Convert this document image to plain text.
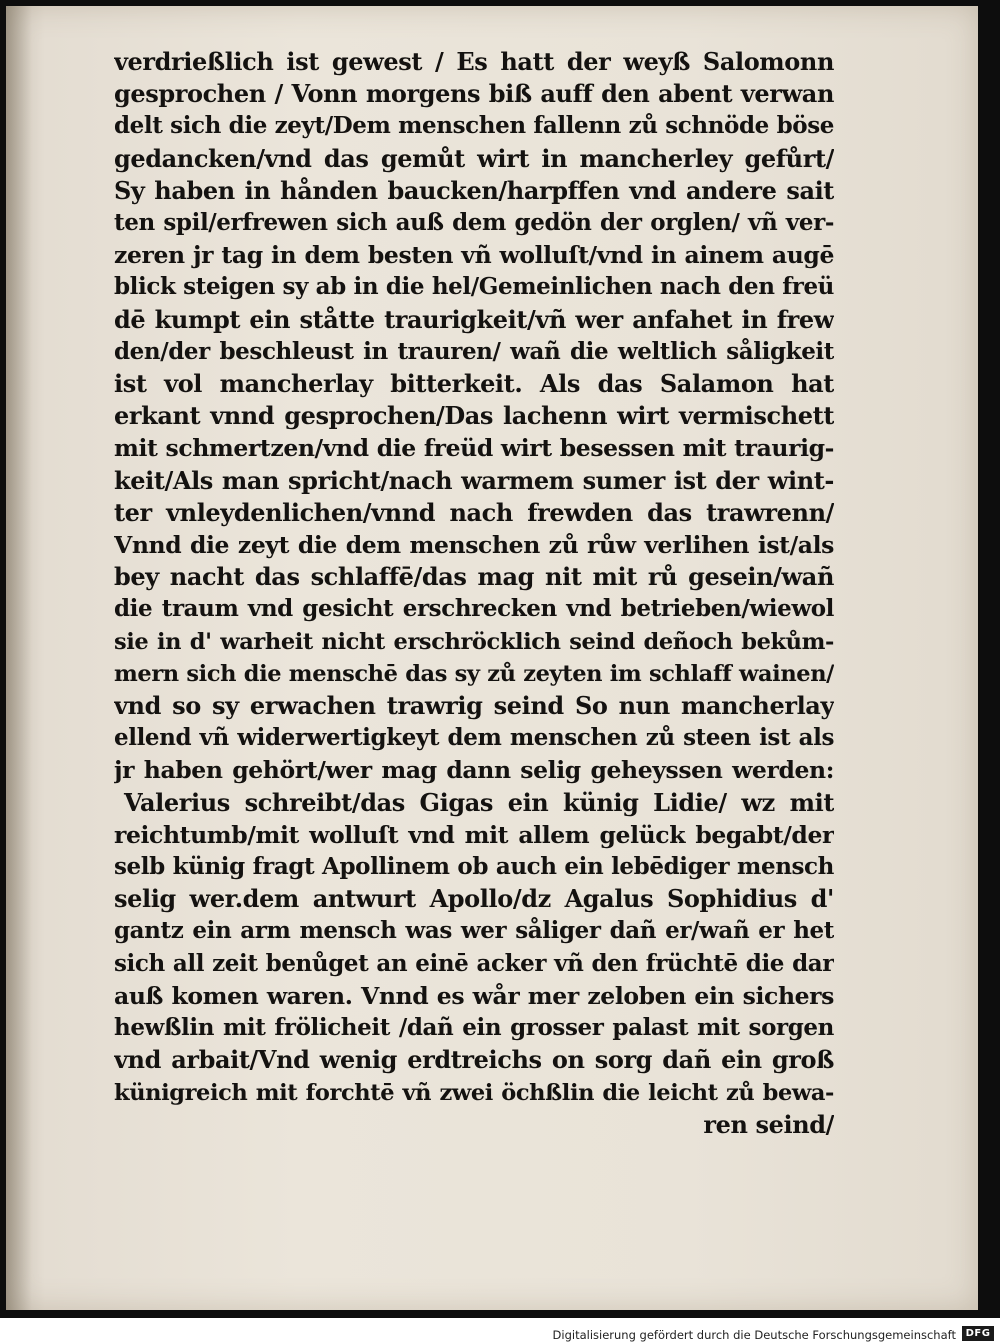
verdrießlich ist gewest / Es hatt der weyß Salomonn
gesprochen / Vonn morgens biß auff den abent verwan
delt sich die zeyt/Dem menschen fallenn zů schnöde böse
gedancken/vnd das gemůt wirt in mancherley gefůrt/
Sy haben in hånden baucken/harpffen vnd andere sait
ten spil/erfrewen sich auß dem gedön der orglen/ vñ ver-
zeren jr tag in dem besten vñ wolluſt/vnd in ainem augē
blick steigen sy ab in die hel/Gemeinlichen nach den freü
dē kumpt ein ståtte traurigkeit/vñ wer anfahet in frew
den/der beschleust in trauren/ wañ die weltlich såligkeit
ist vol mancherlay bitterkeit. Als das Salamon hat
erkant vnnd gesprochen/Das lachenn wirt vermischett
mit schmertzen/vnd die freüd wirt besessen mit traurig-
keit/Als man spricht/nach warmem sumer ist der wint-
ter vnleydenlichen/vnnd nach frewden das trawrenn/
Vnnd die zeyt die dem menschen zů růw verlihen ist/als
bey nacht das schlaffē/das mag nit mit rů gesein/wañ
die traum vnd gesicht erschrecken vnd betrieben/wiewol
sie in d' warheit nicht erschröcklich seind deñoch bekům-
mern sich die menschē das sy zů zeyten im schlaff wainen/
vnd so sy erwachen trawrig seind So nun mancherlay
ellend vñ widerwertigkeyt dem menschen zů steen ist als
jr haben gehört/wer mag dann selig geheyssen werden:
Valerius schreibt/das Gigas ein künig Lidie/ wz mit
reichtumb/mit wolluſt vnd mit allem gelück begabt/der
selb künig fragt Apollinem ob auch ein lebēdiger mensch
selig wer.dem antwurt Apollo/dz Agalus Sophidius d'
gantz ein arm mensch was wer såliger dañ er/wañ er het
sich all zeit benůget an einē acker vñ den früchtē die dar
auß komen waren. Vnnd es wår mer zeloben ein sichers
hewßlin mit frölicheit /dañ ein grosser palast mit sorgen
vnd arbait/Vnd wenig erdtreichs on sorg dañ ein groß
künigreich mit forchtē vñ zwei öchßlin die leicht zů bewa-
ren seind/
Digitalisierung gefördert durch die Deutsche Forschungsgemeinschaft DFG
